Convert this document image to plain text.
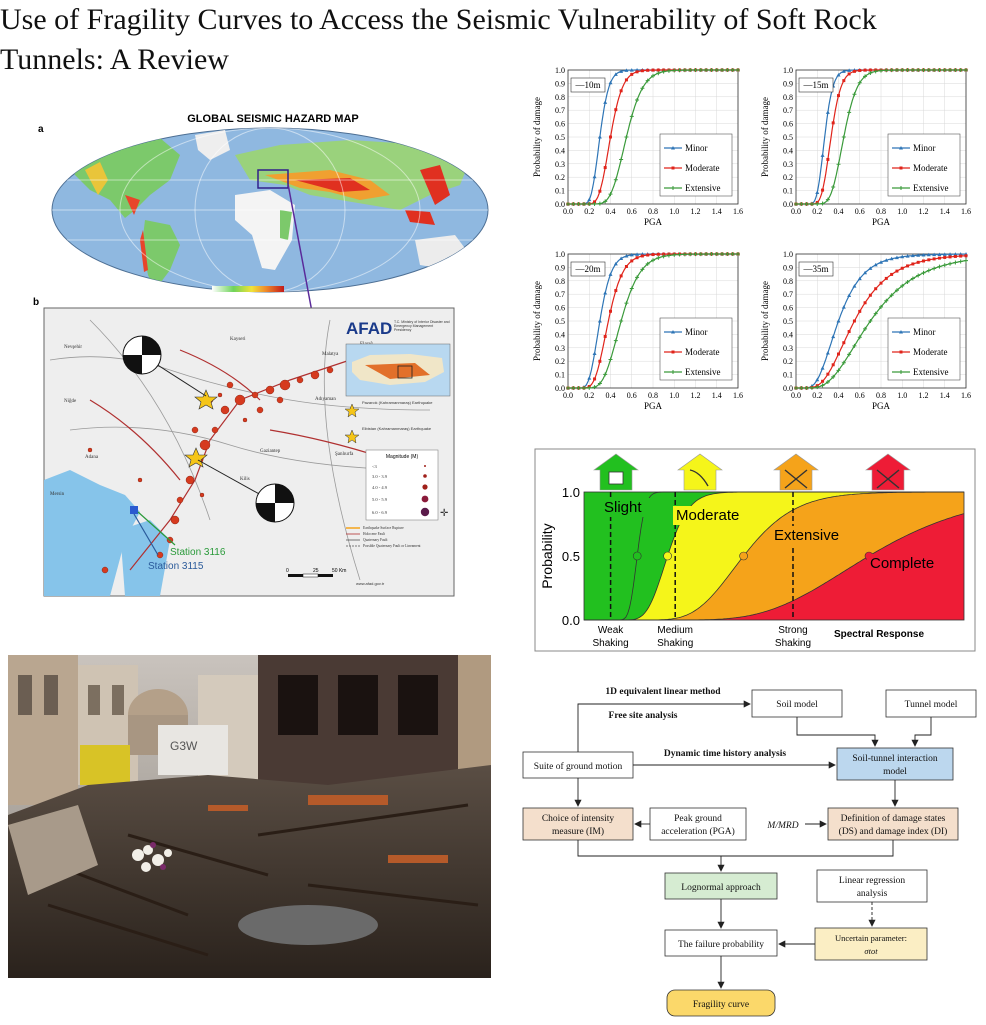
Use of Fragility Curves to Access the Seismic Vulnerability of Soft Rock Tunnels: A Review
a
GLOBAL SEISMIC HAZARD MAP
b
Station 3116
Station 3115
Nevşehir
Niğde
Kayseri
Malatya
Adıyaman
Gaziantep
Adana
Mersin
Kilis
Şanlıurfa
AFAD T.C. Ministry of Interior Disaster and Emergency Management Presidency
Pazarcık (Kahramanmaraş) Earthquake
Elbistan (Kahramanmaraş) Earthquake
Magnitude (M)
<3
3.0 - 3.9
4.0 - 4.9
5.0 - 5.9
6.0 - 6.9
Earthquake Surface Rupture
Holocene Fault
Quaternary Fault
Possible Quaternary Fault or Lineament
www.afad.gov.tr
✛
0	25	50 Km
0.0
0.1
0.2
0.3
0.4
0.5
0.6
0.7
0.8
0.9
1.0
0.0 0.2 0.4 0.6 0.8 1.0 1.2 1.4 1.6
PGA
Probability of damage
—10m
Minor
Moderate
Extensive
0.0
0.1
0.2
0.3
0.4
0.5
0.6
0.7
0.8
0.9
1.0
0.0 0.2 0.4 0.6 0.8 1.0 1.2 1.4 1.6
PGA
Probability of damage
—15m
Minor
Moderate
Extensive
0.0
0.1
0.2
0.3
0.4
0.5
0.6
0.7
0.8
0.9
1.0
0.0 0.2 0.4 0.6 0.8 1.0 1.2 1.4 1.6
PGA
Probability of damage
—20m
Minor
Moderate
Extensive
0.0
0.1
0.2
0.3
0.4
0.5
0.6
0.7
0.8
0.9
1.0
0.0 0.2 0.4 0.6 0.8 1.0 1.2 1.4 1.6
PGA
Probability of damage
—35m
Minor
Moderate
Extensive
0.0
0.5
1.0
Probability
Slight Moderate
Extensive
Complete
Weak
Shaking
Medium
Shaking
Strong
Shaking
Spectral Response
G3W
1D equivalent linear method
Free site analysis
Soil model	Tunnel model
Suite of ground motion
Dynamic time history analysis	Soil-tunnel interaction
model
Choice of intensity
measure (IM)
Peak ground
acceleration (PGA)
M/MRD
Definition of damage states
(DS) and damage index (DI)
Lognormal approach
Linear regression
analysis
The failure probability
Uncertain parameter:
σtot
Fragility curve
